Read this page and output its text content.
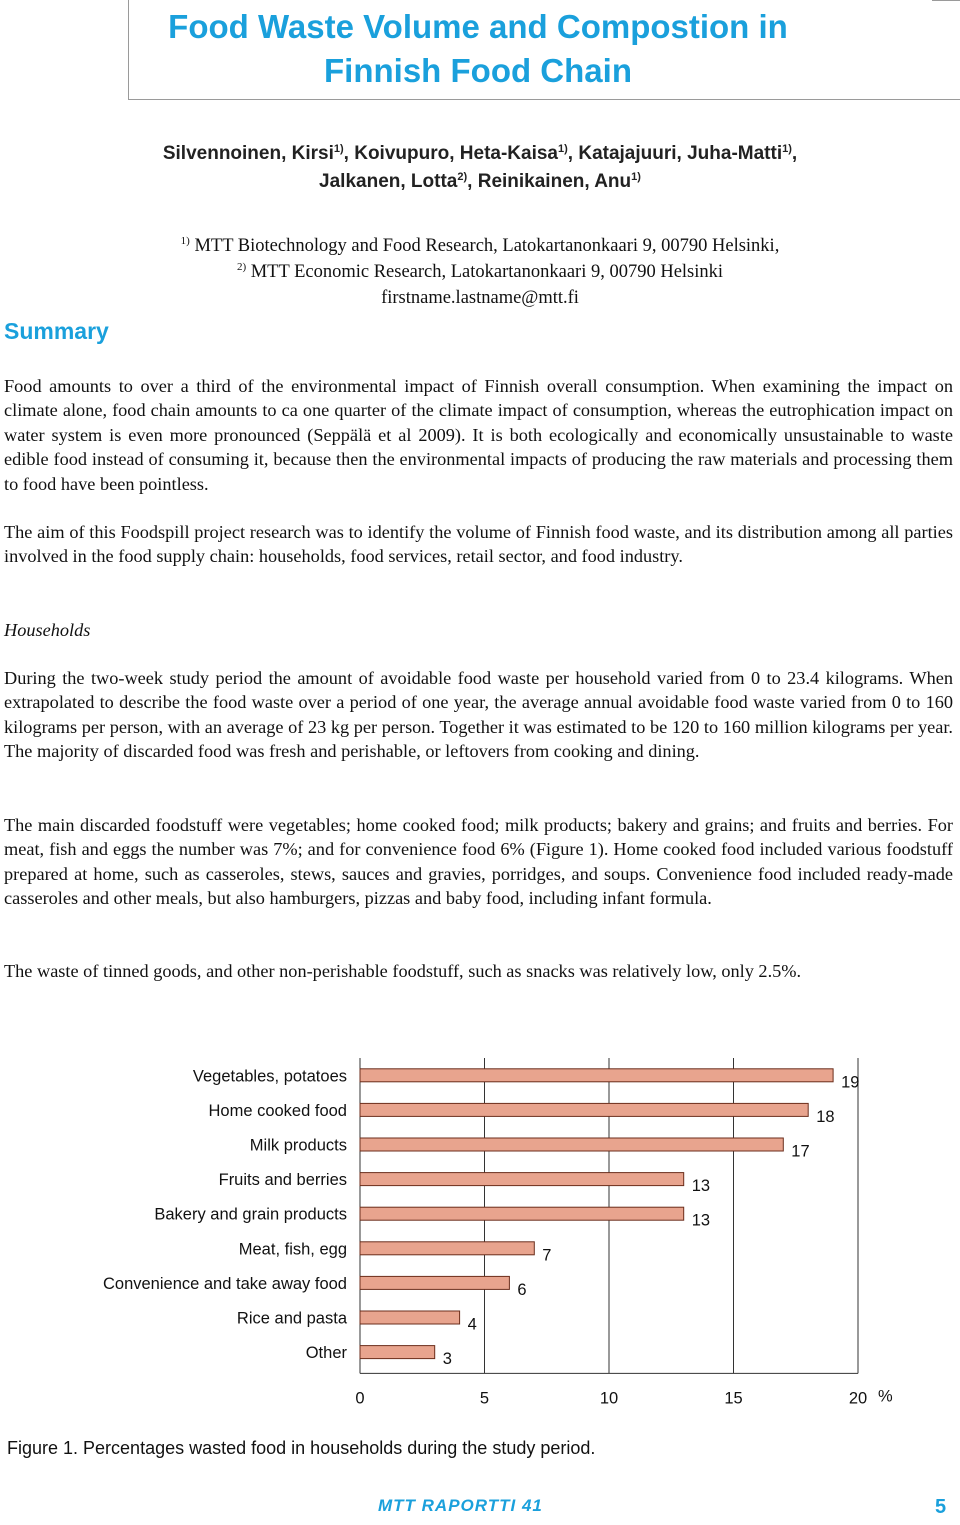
Food Waste Volume and Compostion in
Finnish Food Chain
Silvennoinen, Kirsi$^{1)}$, Koivupuro, Heta-Kaisa$^{1)}$, Katajajuuri, Juha-Matti$^{1)}$,
Jalkanen, Lotta$^{2)}$, Reinikainen, Anu$^{1)}$
$^{1)}$ MTT Biotechnology and Food Research, Latokartanonkaari 9, 00790 Helsinki,
$^{2)}$ MTT Economic Research, Latokartanonkaari 9, 00790 Helsinki
firstname.lastname@mtt.fi
Summary

Food amounts to over a third of the environmental impact of Finnish overall consumption. When examining the impact on climate alone, food chain amounts to ca one quarter of the climate impact of consumption, whereas the eutrophication impact on water system is even more pronounced (Seppälä et al 2009). It is both ecologically and economically unsustainable to waste edible food instead of consuming it, because then the environmental impacts of producing the raw materials and processing them to food have been pointless.

The aim of this Foodspill project research was to identify the volume of Finnish food waste, and its distribution among all parties involved in the food supply chain: households, food services, retail sector, and food industry.

Households

During the two-week study period the amount of avoidable food waste per household varied from 0 to 23.4 kilograms. When extrapolated to describe the food waste over a period of one year, the average annual avoidable food waste varied from 0 to 160 kilograms per person, with an average of 23 kg per person. Together it was estimated to be 120 to 160 million kilograms per year. The majority of discarded food was fresh and perishable, or leftovers from cooking and dining.

The main discarded foodstuff were vegetables; home cooked food; milk products; bakery and grains; and fruits and berries. For meat, fish and eggs the number was 7%; and for convenience food 6% (Figure 1). Home cooked food included various foodstuff prepared at home, such as casseroles, stews, sauces and gravies, porridges, and soups. Convenience food included ready-made casseroles and other meals, but also hamburgers, pizzas and baby food, including infant formula.

The waste of tinned goods, and other non-perishable foodstuff, such as snacks was relatively low, only 2.5%.

Vegetables, potatoes	19
Home cooked food	18
Milk products	17
Fruits and berries	13
Bakery and grain products	13
Meat, fish, egg	7
Convenience and take away food	6
Rice and pasta	4
Other	3
0	5	10	15	20 %
Figure 1. Percentages wasted food in households during the study period.
MTT RAPORTTI 41	5
